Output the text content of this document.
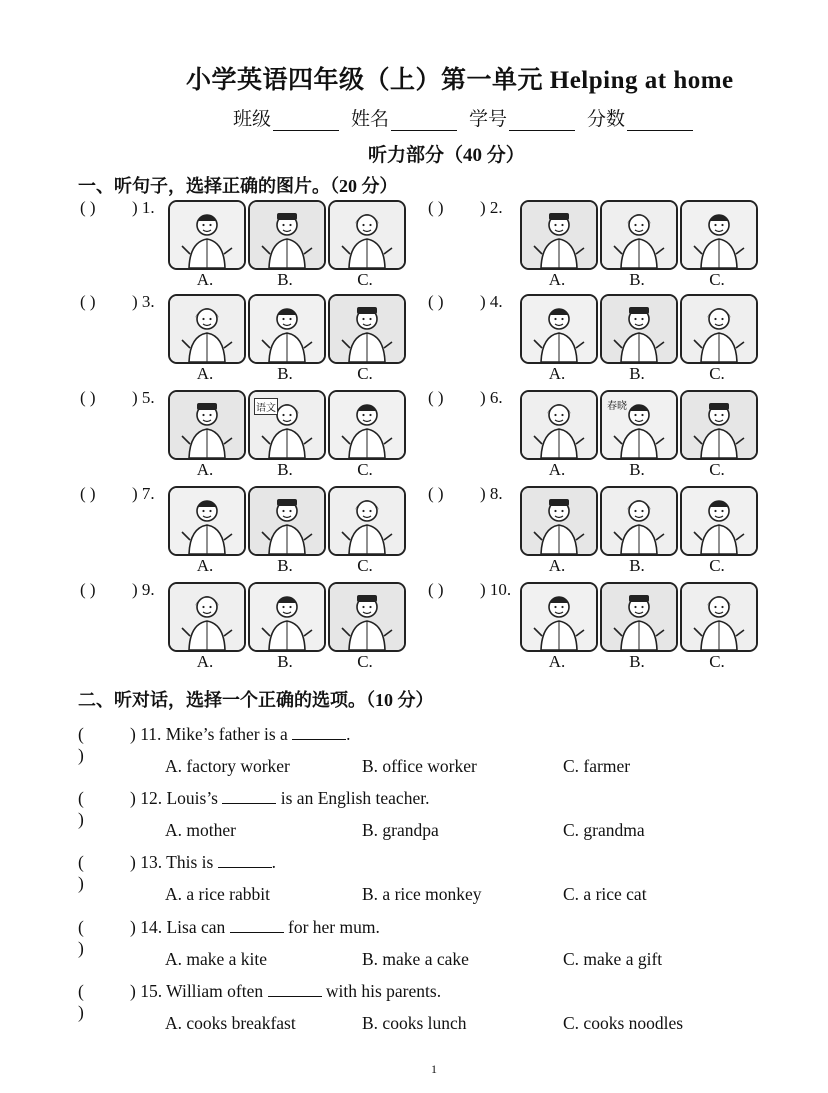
小学英语四年级（上）第一单元 Helping at home
班级	姓名	学号	分数
听力部分（40 分）
一、听句子，选择正确的图片。（20 分）
( ) ) 1.
A.	B.	C.
( ) ) 2.
A.	B.	C.
( ) ) 3.
A.	B.	C.
( ) ) 4.
A.	B.	C.
( ) ) 5.
A.
语文
B.	C.
( ) ) 6.
A.
春晓
B.	C.
( ) ) 7.
A.	B.	C.
( ) ) 8.
A.	B.	C.
( ) ) 9.
A.	B.	C.
( ) ) 10.
A.	B.	C.
二、听对话，选择一个正确的选项。（10 分）
( )
) 11. Mike’s father is a	.
A. factory worker	B. office worker	C. farmer
( )
) 12. Louis’s	is an English teacher.
A. mother	B. grandpa	C. grandma
( )
) 13. This is	.
A. a rice rabbit	B. a rice monkey	C. a rice cat
( )
) 14. Lisa can	for her mum.
A. make a kite	B. make a cake	C. make a gift
( )
) 15. William often	with his parents.
A. cooks breakfast	B. cooks lunch	C. cooks noodles
1
